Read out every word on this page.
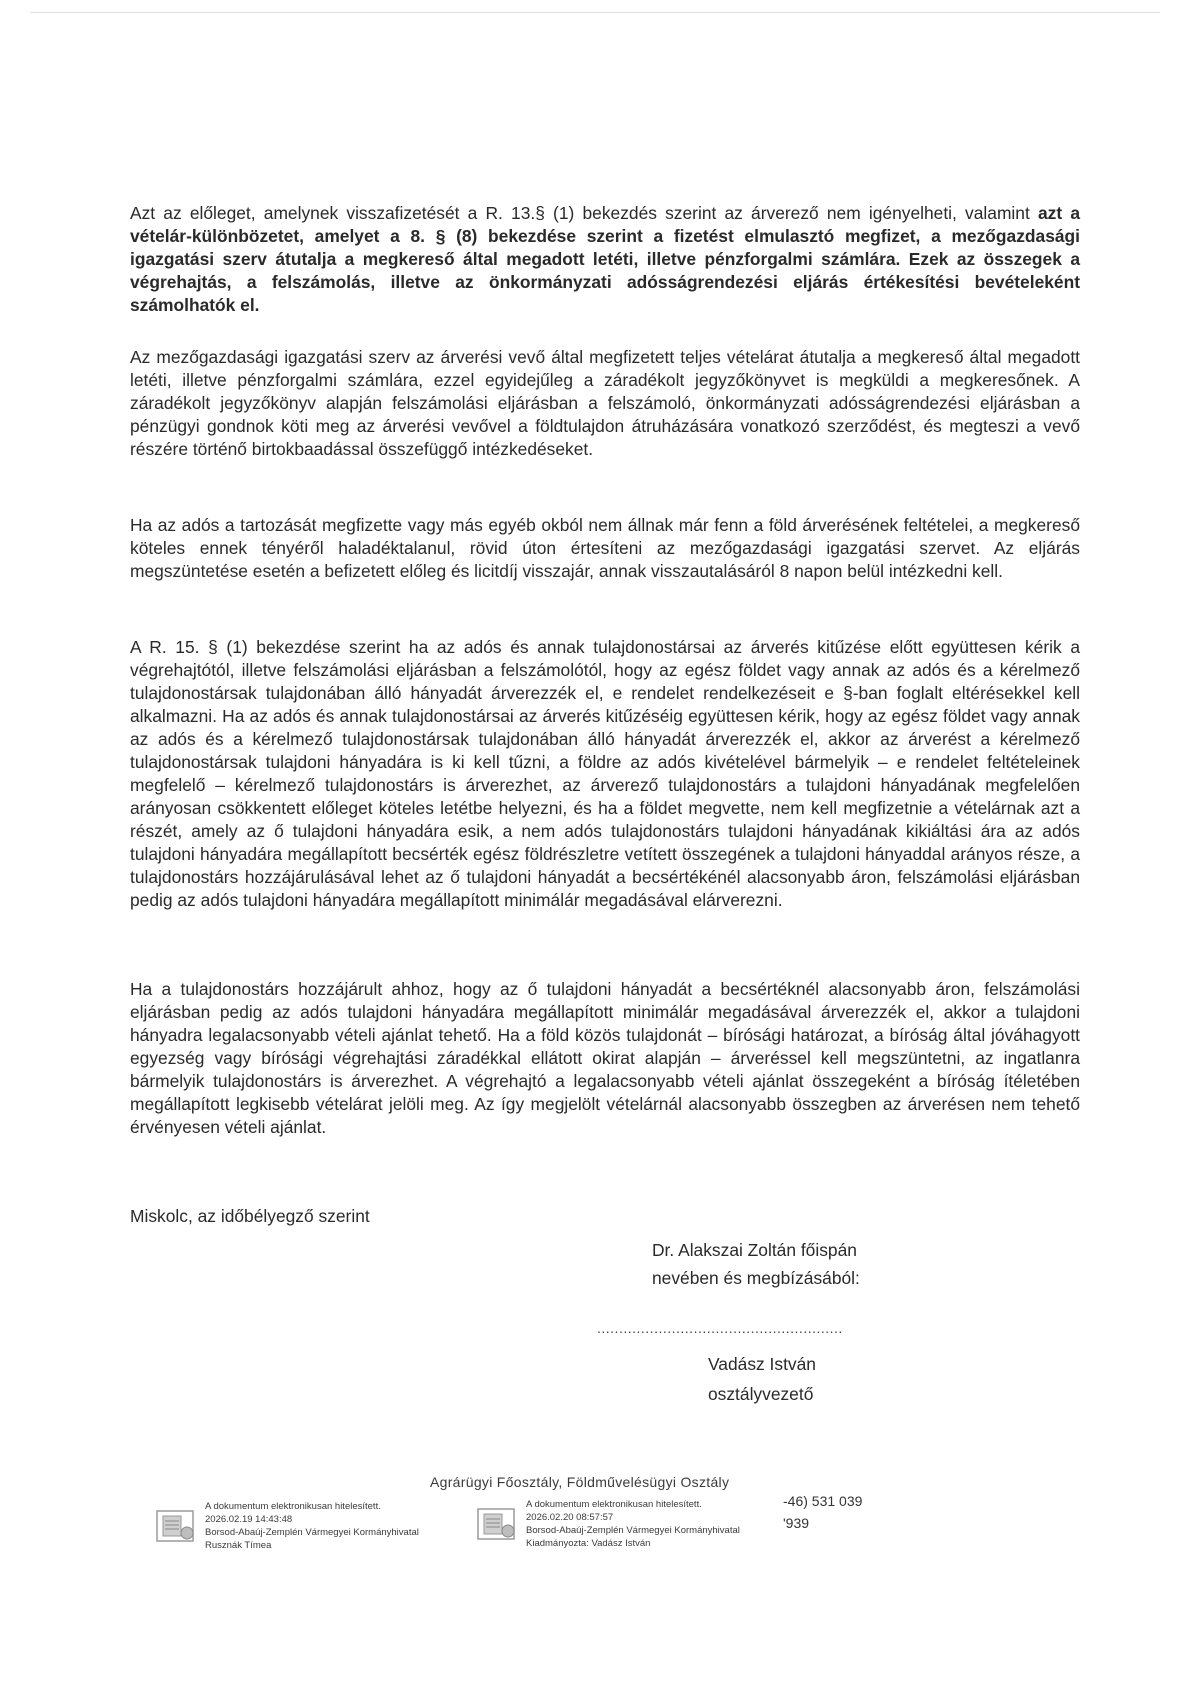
Azt az előleget, amelynek visszafizetését a R. 13.§ (1) bekezdés szerint az árverező nem igényelheti, valamint azt a vételár-különbözetet, amelyet a 8. § (8) bekezdése szerint a fizetést elmulasztó megfizet, a mezőgazdasági igazgatási szerv átutalja a megkereső által megadott letéti, illetve pénzforgalmi számlára. Ezek az összegek a végrehajtás, a felszámolás, illetve az önkormányzati adósságrendezési eljárás értékesítési bevételeként számolhatók el.

Az mezőgazdasági igazgatási szerv az árverési vevő által megfizetett teljes vételárat átutalja a megkereső által megadott letéti, illetve pénzforgalmi számlára, ezzel egyidejűleg a záradékolt jegyzőkönyvet is megküldi a megkeresőnek. A záradékolt jegyzőkönyv alapján felszámolási eljárásban a felszámoló, önkormányzati adósságrendezési eljárásban a pénzügyi gondnok köti meg az árverési vevővel a földtulajdon átruházására vonatkozó szerződést, és megteszi a vevő részére történő birtokbaadással összefüggő intézkedéseket.

Ha az adós a tartozását megfizette vagy más egyéb okból nem állnak már fenn a föld árverésének feltételei, a megkereső köteles ennek tényéről haladéktalanul, rövid úton értesíteni az mezőgazdasági igazgatási szervet. Az eljárás megszüntetése esetén a befizetett előleg és licitdíj visszajár, annak visszautalásáról 8 napon belül intézkedni kell.

A R. 15. § (1) bekezdése szerint ha az adós és annak tulajdonostársai az árverés kitűzése előtt együttesen kérik a végrehajtótól, illetve felszámolási eljárásban a felszámolótól, hogy az egész földet vagy annak az adós és a kérelmező tulajdonostársak tulajdonában álló hányadát árverezzék el, e rendelet rendelkezéseit e §-ban foglalt eltérésekkel kell alkalmazni. Ha az adós és annak tulajdonostársai az árverés kitűzéséig együttesen kérik, hogy az egész földet vagy annak az adós és a kérelmező tulajdonostársak tulajdonában álló hányadát árverezzék el, akkor az árverést a kérelmező tulajdonostársak tulajdoni hányadára is ki kell tűzni, a földre az adós kivételével bármelyik – e rendelet feltételeinek megfelelő – kérelmező tulajdonostárs is árverezhet, az árverező tulajdonostárs a tulajdoni hányadának megfelelően arányosan csökkentett előleget köteles letétbe helyezni, és ha a földet megvette, nem kell megfizetnie a vételárnak azt a részét, amely az ő tulajdoni hányadára esik, a nem adós tulajdonostárs tulajdoni hányadának kikiáltási ára az adós tulajdoni hányadára megállapított becsérték egész földrészletre vetített összegének a tulajdoni hányaddal arányos része, a tulajdonostárs hozzájárulásával lehet az ő tulajdoni hányadát a becsértékénél alacsonyabb áron, felszámolási eljárásban pedig az adós tulajdoni hányadára megállapított minimálár megadásával elárverezni.

Ha a tulajdonostárs hozzájárult ahhoz, hogy az ő tulajdoni hányadát a becsértéknél alacsonyabb áron, felszámolási eljárásban pedig az adós tulajdoni hányadára megállapított minimálár megadásával árverezzék el, akkor a tulajdoni hányadra legalacsonyabb vételi ajánlat tehető. Ha a föld közös tulajdonát – bírósági határozat, a bíróság által jóváhagyott egyezség vagy bírósági végrehajtási záradékkal ellátott okirat alapján – árveréssel kell megszüntetni, az ingatlanra bármelyik tulajdonostárs is árverezhet. A végrehajtó a legalacsonyabb vételi ajánlat összegeként a bíróság ítéletében megállapított legkisebb vételárat jelöli meg. Az így megjelölt vételárnál alacsonyabb összegben az árverésen nem tehető érvényesen vételi ajánlat.

Miskolc, az időbélyegző szerint
Dr. Alakszai Zoltán főispán
nevében és megbízásából:
........................................................
Vadász István
osztályvezető
Agrárügyi Főosztály, Földművelésügyi Osztály
A dokumentum elektronikusan hitelesített.
2026.02.19 14:43:48
Borsod-Abaúj-Zemplén Vármegyei Kormányhivatal
Rusznák Tímea
A dokumentum elektronikusan hitelesített.
2026.02.20 08:57:57
Borsod-Abaúj-Zemplén Vármegyei Kormányhivatal
Kiadmányozta: Vadász István
-46) 531 039
'939
